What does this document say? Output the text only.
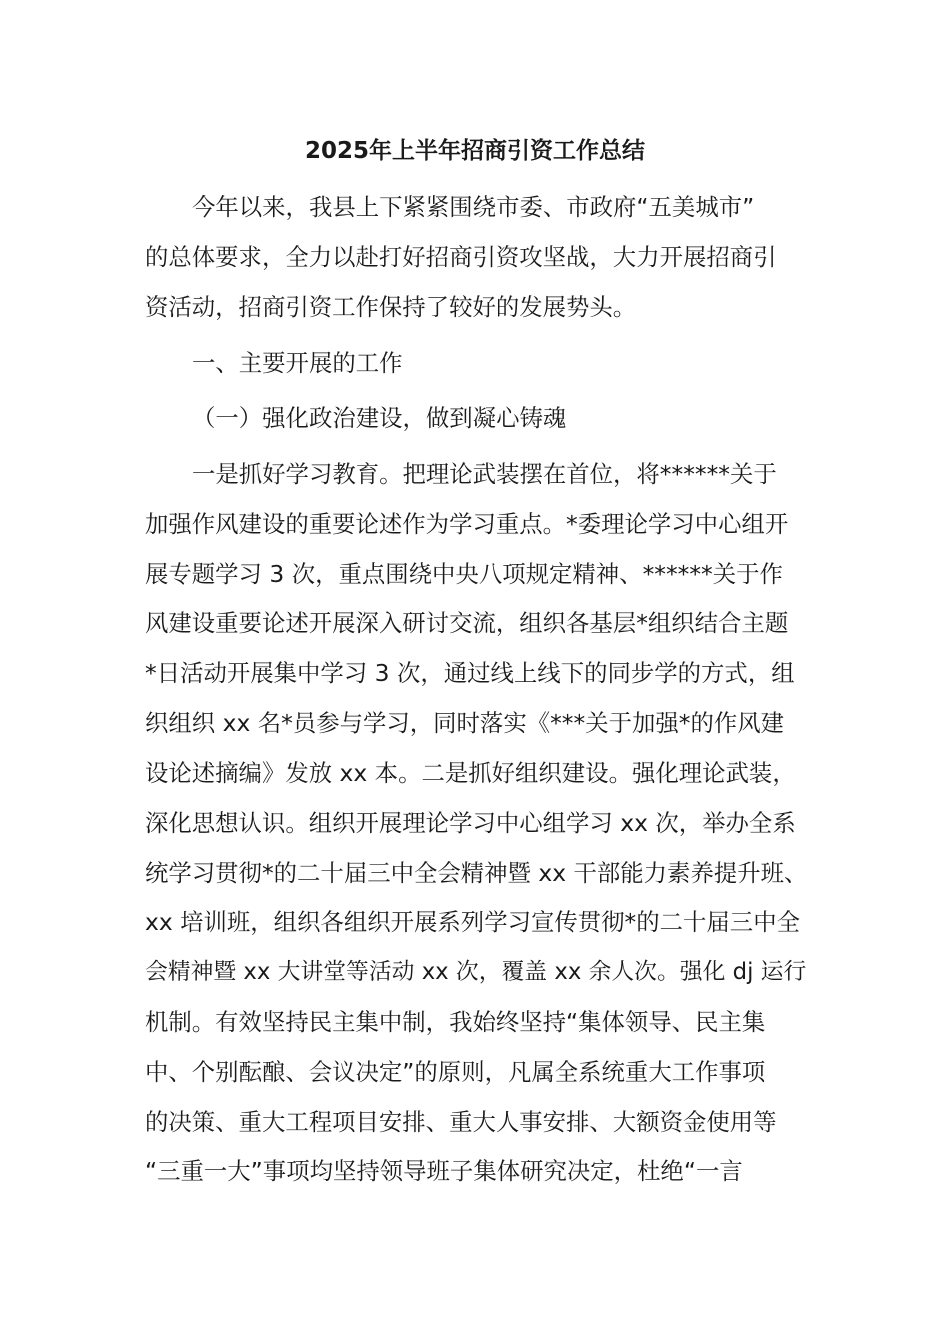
2025年上半年招商引资工作总结
今年以来，我县上下紧紧围绕市委、市政府“五美城市”
的总体要求，全力以赴打好招商引资攻坚战，大力开展招商引
资活动，招商引资工作保持了较好的发展势头。
一、主要开展的工作
（一）强化政治建设，做到凝心铸魂
一是抓好学习教育。把理论武装摆在首位，将******关于
加强作风建设的重要论述作为学习重点。*委理论学习中心组开
展专题学习 3 次，重点围绕中央八项规定精神、******关于作
风建设重要论述开展深入研讨交流，组织各基层*组织结合主题
*日活动开展集中学习 3 次，通过线上线下的同步学的方式，组
织组织 xx 名*员参与学习，同时落实《***关于加强*的作风建
设论述摘编》发放 xx 本。二是抓好组织建设。强化理论武装，
深化思想认识。组织开展理论学习中心组学习 xx 次，举办全系
统学习贯彻*的二十届三中全会精神暨 xx 干部能力素养提升班、
xx 培训班，组织各组织开展系列学习宣传贯彻*的二十届三中全
会精神暨 xx 大讲堂等活动 xx 次，覆盖 xx 余人次。强化 dj 运行
机制。有效坚持民主集中制，我始终坚持“集体领导、民主集
中、个别酝酿、会议决定”的原则，凡属全系统重大工作事项
的决策、重大工程项目安排、重大人事安排、大额资金使用等
“三重一大”事项均坚持领导班子集体研究决定，杜绝“一言
